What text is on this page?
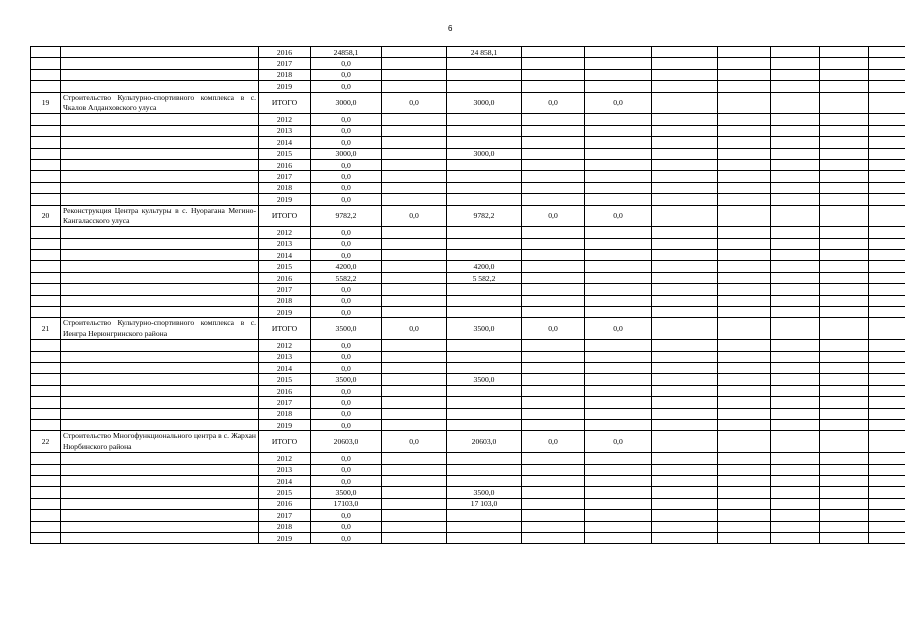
6
		2016	24858,1		24 858,1							
		2017	0,0									
		2018	0,0									
		2019	0,0									
19	Строительство Культурно-спортивного комплекса в с. Чкалов Алданховского улуса	ИТОГО	3000,0	0,0	3000,0	0,0	0,0					
		2012	0,0									
		2013	0,0									
		2014	0,0									
		2015	3000,0		3000,0							
		2016	0,0									
		2017	0,0									
		2018	0,0									
		2019	0,0									
20	Реконструкция Центра культуры в с. Нуорагана Мегино-Кангаласского улуса	ИТОГО	9782,2	0,0	9782,2	0,0	0,0					
		2012	0,0									
		2013	0,0									
		2014	0,0									
		2015	4200,0		4200,0							
		2016	5582,2		5 582,2							
		2017	0,0									
		2018	0,0									
		2019	0,0									
21	Строительство Культурно-спортивного комплекса в с. Иенгра Нерюнгринского района	ИТОГО	3500,0	0,0	3500,0	0,0	0,0					
		2012	0,0									
		2013	0,0									
		2014	0,0									
		2015	3500,0		3500,0							
		2016	0,0									
		2017	0,0									
		2018	0,0									
		2019	0,0									
22	Строительство Многофункционального центра в с. Жархан Нюрбинского района	ИТОГО	20603,0	0,0	20603,0	0,0	0,0					
		2012	0,0									
		2013	0,0									
		2014	0,0									
		2015	3500,0		3500,0							
		2016	17103,0		17 103,0							
		2017	0,0									
		2018	0,0									
		2019	0,0									
